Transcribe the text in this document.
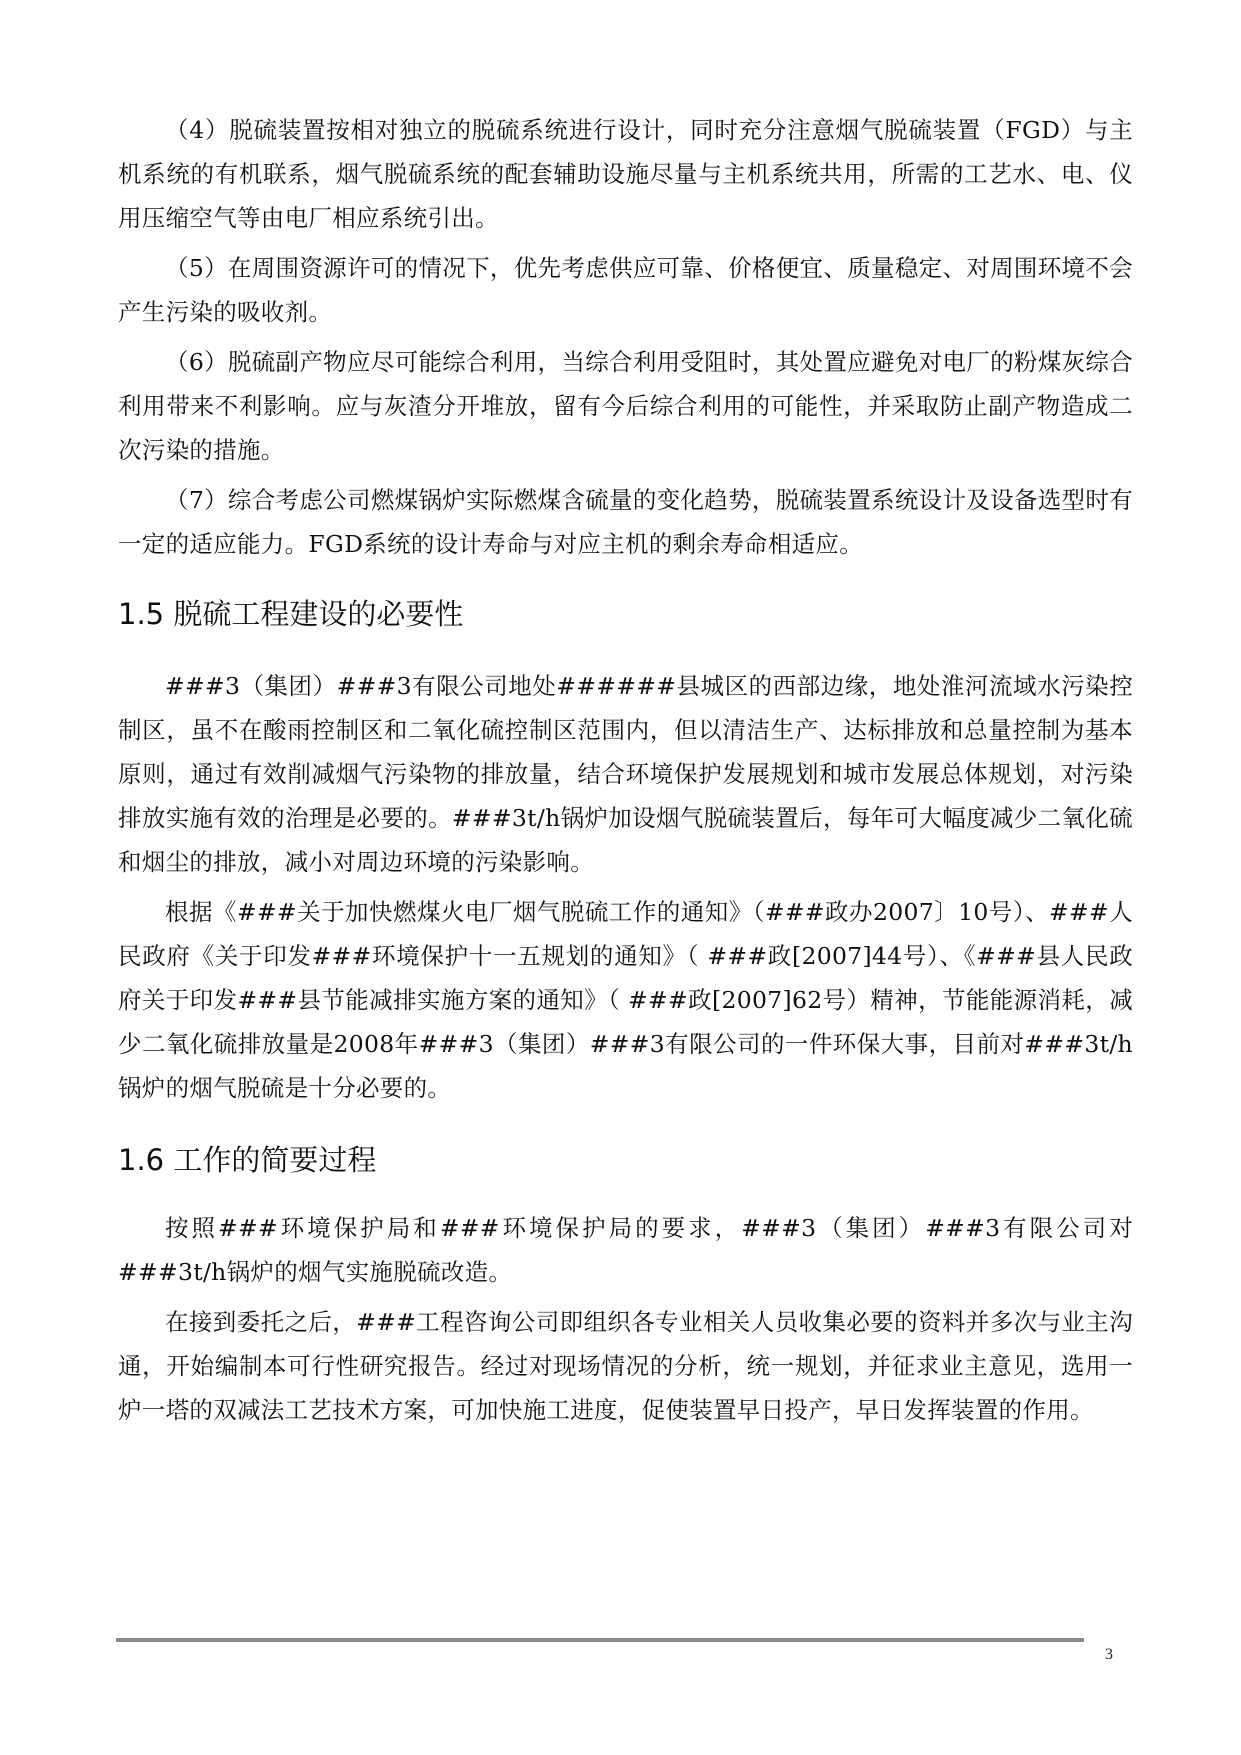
（4）脱硫装置按相对独立的脱硫系统进行设计，同时充分注意烟气脱硫装置（FGD）与主机系统的有机联系，烟气脱硫系统的配套辅助设施尽量与主机系统共用，所需的工艺水、电、仪用压缩空气等由电厂相应系统引出。

（5）在周围资源许可的情况下，优先考虑供应可靠、价格便宜、质量稳定、对周围环境不会产生污染的吸收剂。

（6）脱硫副产物应尽可能综合利用，当综合利用受阻时，其处置应避免对电厂的粉煤灰综合利用带来不利影响。应与灰渣分开堆放，留有今后综合利用的可能性，并采取防止副产物造成二次污染的措施。

（7）综合考虑公司燃煤锅炉实际燃煤含硫量的变化趋势，脱硫装置系统设计及设备选型时有一定的适应能力。FGD系统的设计寿命与对应主机的剩余寿命相适应。

1.5 脱硫工程建设的必要性

###3（集团）###3有限公司地处######县城区的西部边缘，地处淮河流域水污染控制区，虽不在酸雨控制区和二氧化硫控制区范围内，但以清洁生产、达标排放和总量控制为基本原则，通过有效削减烟气污染物的排放量，结合环境保护发展规划和城市发展总体规划，对污染排放实施有效的治理是必要的。###3t/h锅炉加设烟气脱硫装置后，每年可大幅度减少二氧化硫和烟尘的排放，减小对周边环境的污染影响。

根据《###关于加快燃煤火电厂烟气脱硫工作的通知》（###政办2007〕10号）、###人民政府《关于印发###环境保护十一五规划的通知》（ ###政[2007]44号）、《###县人民政府关于印发###县节能减排实施方案的通知》（ ###政[2007]62号）精神，节能能源消耗，减少二氧化硫排放量是2008年###3（集团）###3有限公司的一件环保大事，目前对###3t/h锅炉的烟气脱硫是十分必要的。

1.6 工作的简要过程

按照###环境保护局和###环境保护局的要求，###3（集团）###3有限公司对###3t/h锅炉的烟气实施脱硫改造。

在接到委托之后，###工程咨询公司即组织各专业相关人员收集必要的资料并多次与业主沟通，开始编制本可行性研究报告。经过对现场情况的分析，统一规划，并征求业主意见，选用一炉一塔的双减法工艺技术方案，可加快施工进度，促使装置早日投产，早日发挥装置的作用。

3
